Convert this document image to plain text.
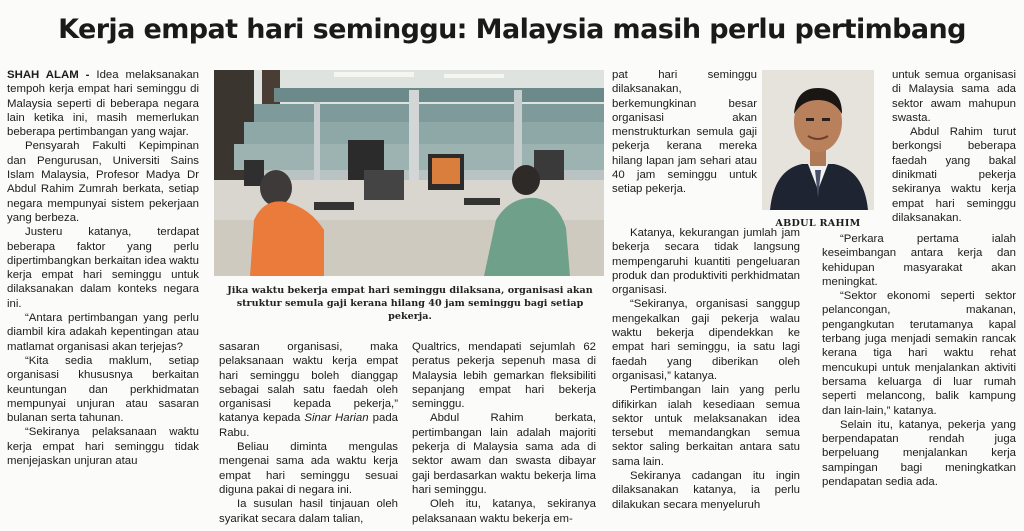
Kerja empat hari seminggu: Malaysia masih perlu pertimbang

SHAH ALAM - Idea melaksanakan tempoh kerja empat hari seminggu di Malaysia seperti di beberapa negara lain ketika ini, masih memerlukan beberapa pertimbangan yang wajar.

Pensyarah Fakulti Kepimpinan dan Pengurusan, Universiti Sains Islam Malaysia, Profesor Madya Dr Abdul Rahim Zumrah berkata, setiap negara mempunyai sistem pekerjaan yang berbeza.

Justeru katanya, terdapat beberapa faktor yang perlu dipertimbangkan berkaitan idea waktu kerja empat hari seminggu untuk dilaksanakan dalam konteks negara ini.

“Antara pertimbangan yang perlu diambil kira adakah kepentingan atau matlamat organisasi akan terjejas?

“Kita sedia maklum, setiap organisasi khususnya berkaitan keuntungan dan perkhidmatan mempunyai unjuran atau sasaran bulanan serta tahunan.

“Sekiranya pelaksanaan waktu kerja empat hari seminggu tidak menjejaskan unjuran atau

Jika waktu bekerja empat hari seminggu dilaksana, organisasi akan struktur semula gaji kerana hilang 40 jam seminggu bagi setiap pekerja.

sasaran organisasi, maka pelaksanaan waktu kerja empat hari seminggu boleh dianggap sebagai salah satu faedah oleh organisasi kepada pekerja,” katanya kepada Sinar Harian pada Rabu.

Beliau diminta mengulas mengenai sama ada waktu kerja empat hari seminggu sesuai diguna pakai di negara ini.

Ia susulan hasil tinjauan oleh syarikat secara dalam talian,

Qualtrics, mendapati sejumlah 62 peratus pekerja sepenuh masa di Malaysia lebih gemarkan fleksibiliti sepanjang empat hari bekerja seminggu.

Abdul Rahim berkata, pertimbangan lain adalah majoriti pekerja di Malaysia sama ada di sektor awam dan swasta dibayar gaji berdasarkan waktu bekerja lima hari seminggu.

Oleh itu, katanya, sekiranya pelaksanaan waktu bekerja em-

pat hari seminggu dilaksanakan, berkemungkinan besar organisasi akan menstrukturkan semula gaji pekerja kerana mereka hilang lapan jam sehari atau 40 jam seminggu untuk setiap pekerja.

Katanya, kekurangan jumlah jam bekerja secara tidak langsung mempengaruhi kuantiti pengeluaran produk dan produktiviti perkhidmatan organisasi.

“Sekiranya, organisasi sanggup mengekalkan gaji pekerja walau waktu bekerja dipendekkan ke empat hari seminggu, ia satu lagi faedah yang diberikan oleh organisasi,” katanya.

Pertimbangan lain yang perlu difikirkan ialah kesediaan semua sektor untuk melaksanakan idea tersebut memandangkan semua sektor saling berkaitan antara satu sama lain.

Sekiranya cadangan itu ingin dilaksanakan katanya, ia perlu dilakukan secara menyeluruh

ABDUL RAHIM

untuk semua organisasi di Malaysia sama ada sektor awam mahupun swasta.

Abdul Rahim turut berkongsi beberapa faedah yang bakal dinikmati pekerja sekiranya waktu kerja empat hari seminggu dilaksanakan.

“Perkara pertama ialah keseimbangan antara kerja dan kehidupan masyarakat akan meningkat.

“Sektor ekonomi seperti sektor pelancongan, makanan, pengangkutan terutamanya kapal terbang juga menjadi semakin rancak kerana tiga hari waktu rehat mencukupi untuk menjalankan aktiviti bersama keluarga di luar rumah seperti melancong, balik kampung dan lain-lain,” katanya.

Selain itu, katanya, pekerja yang berpendapatan rendah juga berpeluang menjalankan kerja sampingan bagi meningkatkan pendapatan sedia ada.
